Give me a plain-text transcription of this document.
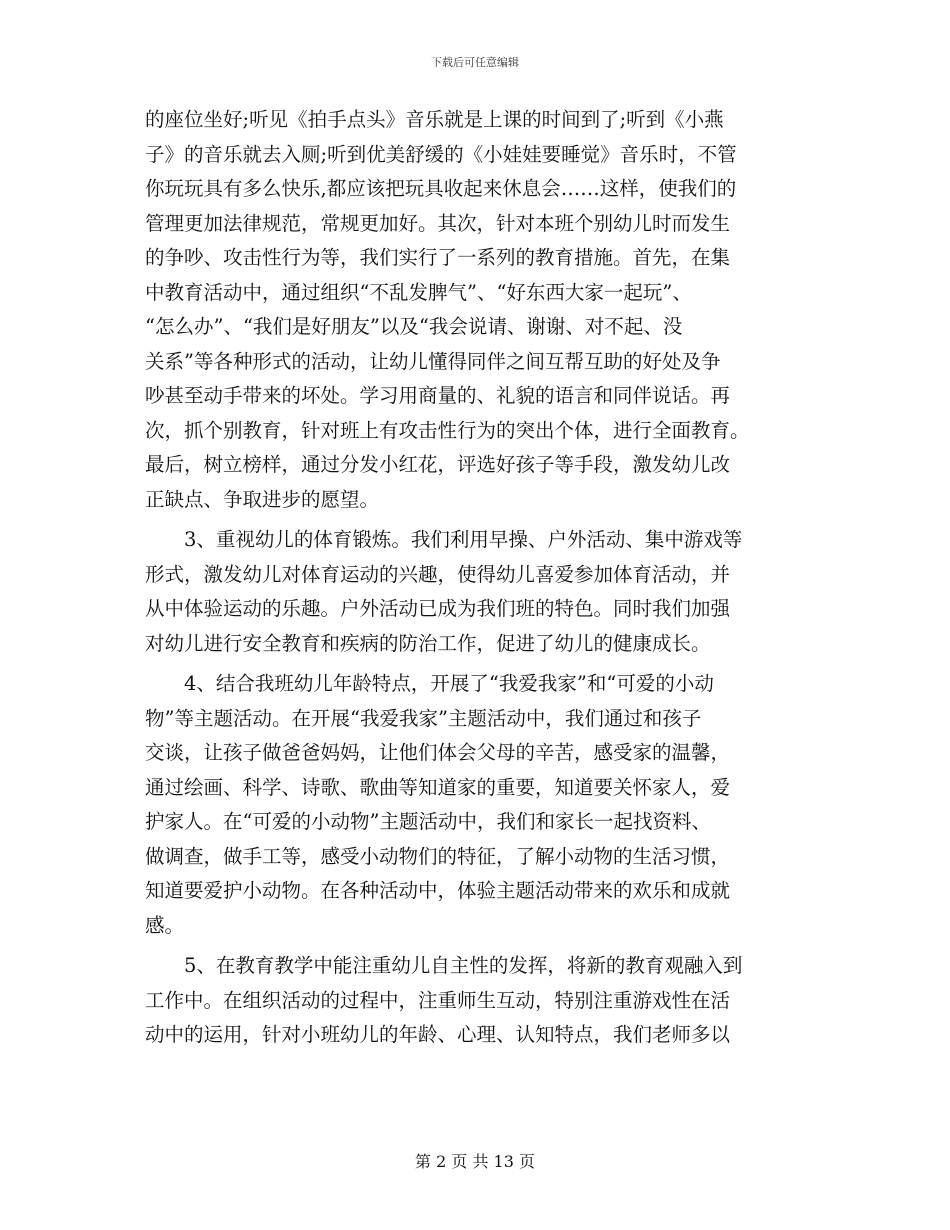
下载后可任意编辑
的座位坐好;听见《拍手点头》音乐就是上课的时间到了;听到《小燕
子》的音乐就去入厕;听到优美舒缓的《小娃娃要睡觉》音乐时，不管
你玩玩具有多么快乐,都应该把玩具收起来休息会……这样，使我们的
管理更加法律规范，常规更加好。其次，针对本班个别幼儿时而发生
的争吵、攻击性行为等，我们实行了一系列的教育措施。首先，在集
中教育活动中，通过组织“不乱发脾气”、“好东西大家一起玩”、
“怎么办”、“我们是好朋友”以及“我会说请、谢谢、对不起、没
关系”等各种形式的活动，让幼儿懂得同伴之间互帮互助的好处及争
吵甚至动手带来的坏处。学习用商量的、礼貌的语言和同伴说话。再
次，抓个别教育，针对班上有攻击性行为的突出个体，进行全面教育。
最后，树立榜样，通过分发小红花，评选好孩子等手段，激发幼儿改
正缺点、争取进步的愿望。
　　3、重视幼儿的体育锻炼。我们利用早操、户外活动、集中游戏等
形式，激发幼儿对体育运动的兴趣，使得幼儿喜爱参加体育活动，并
从中体验运动的乐趣。户外活动已成为我们班的特色。同时我们加强
对幼儿进行安全教育和疾病的防治工作，促进了幼儿的健康成长。
　　4、结合我班幼儿年龄特点，开展了“我爱我家”和“可爱的小动
物”等主题活动。在开展“我爱我家”主题活动中，我们通过和孩子
交谈，让孩子做爸爸妈妈，让他们体会父母的辛苦，感受家的温馨，
通过绘画、科学、诗歌、歌曲等知道家的重要，知道要关怀家人，爱
护家人。在“可爱的小动物”主题活动中，我们和家长一起找资料、
做调查，做手工等，感受小动物们的特征，了解小动物的生活习惯，
知道要爱护小动物。在各种活动中，体验主题活动带来的欢乐和成就
感。
　　5、在教育教学中能注重幼儿自主性的发挥，将新的教育观融入到
工作中。在组织活动的过程中，注重师生互动，特别注重游戏性在活
动中的运用，针对小班幼儿的年龄、心理、认知特点，我们老师多以
第 2 页 共 13 页
